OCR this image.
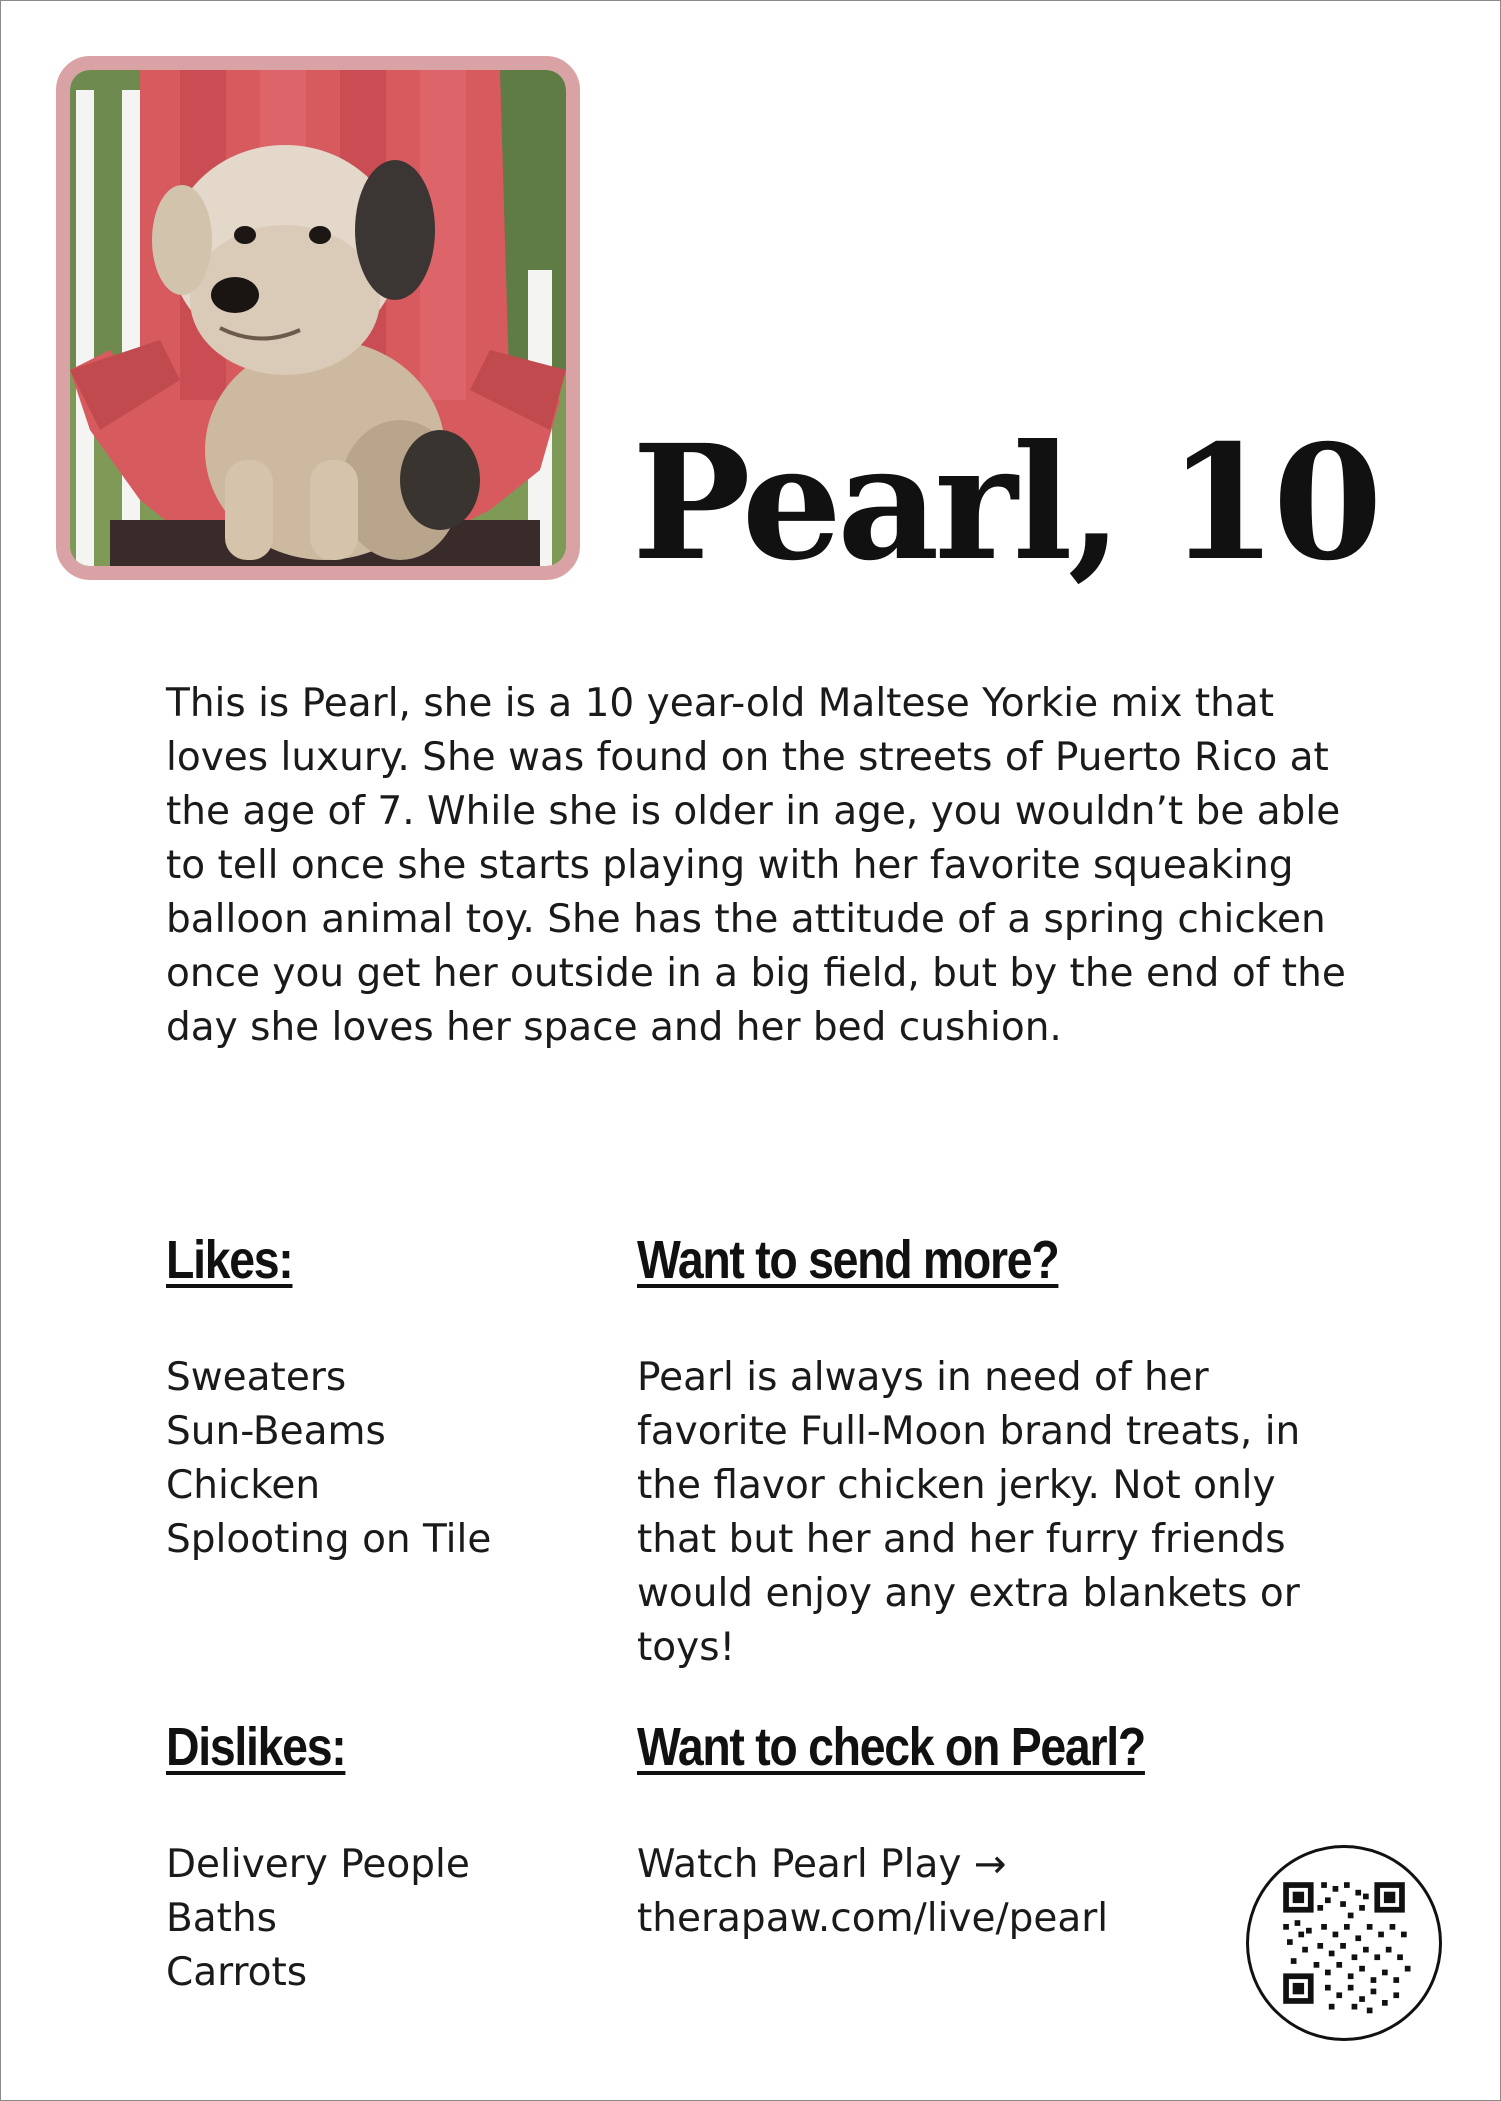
Pearl, 10

This is Pearl, she is a 10 year-old Maltese Yorkie mix that loves luxury. She was found on the streets of Puerto Rico at the age of 7. While she is older in age, you wouldn’t be able to tell once she starts playing with her favorite squeaking balloon animal toy. She has the attitude of a spring chicken once you get her outside in a big field, but by the end of the day she loves her space and her bed cushion.

Likes:
Sweaters
Sun-Beams
Chicken
Splooting on Tile
Want to send more?

Pearl is always in need of her favorite Full-Moon brand treats, in the flavor chicken jerky. Not only that but her and her furry friends would enjoy any extra blankets or toys!

Dislikes:
Delivery People
Baths
Carrots
Want to check on Pearl?
Watch Pearl Play →
therapaw.com/live/pearl
